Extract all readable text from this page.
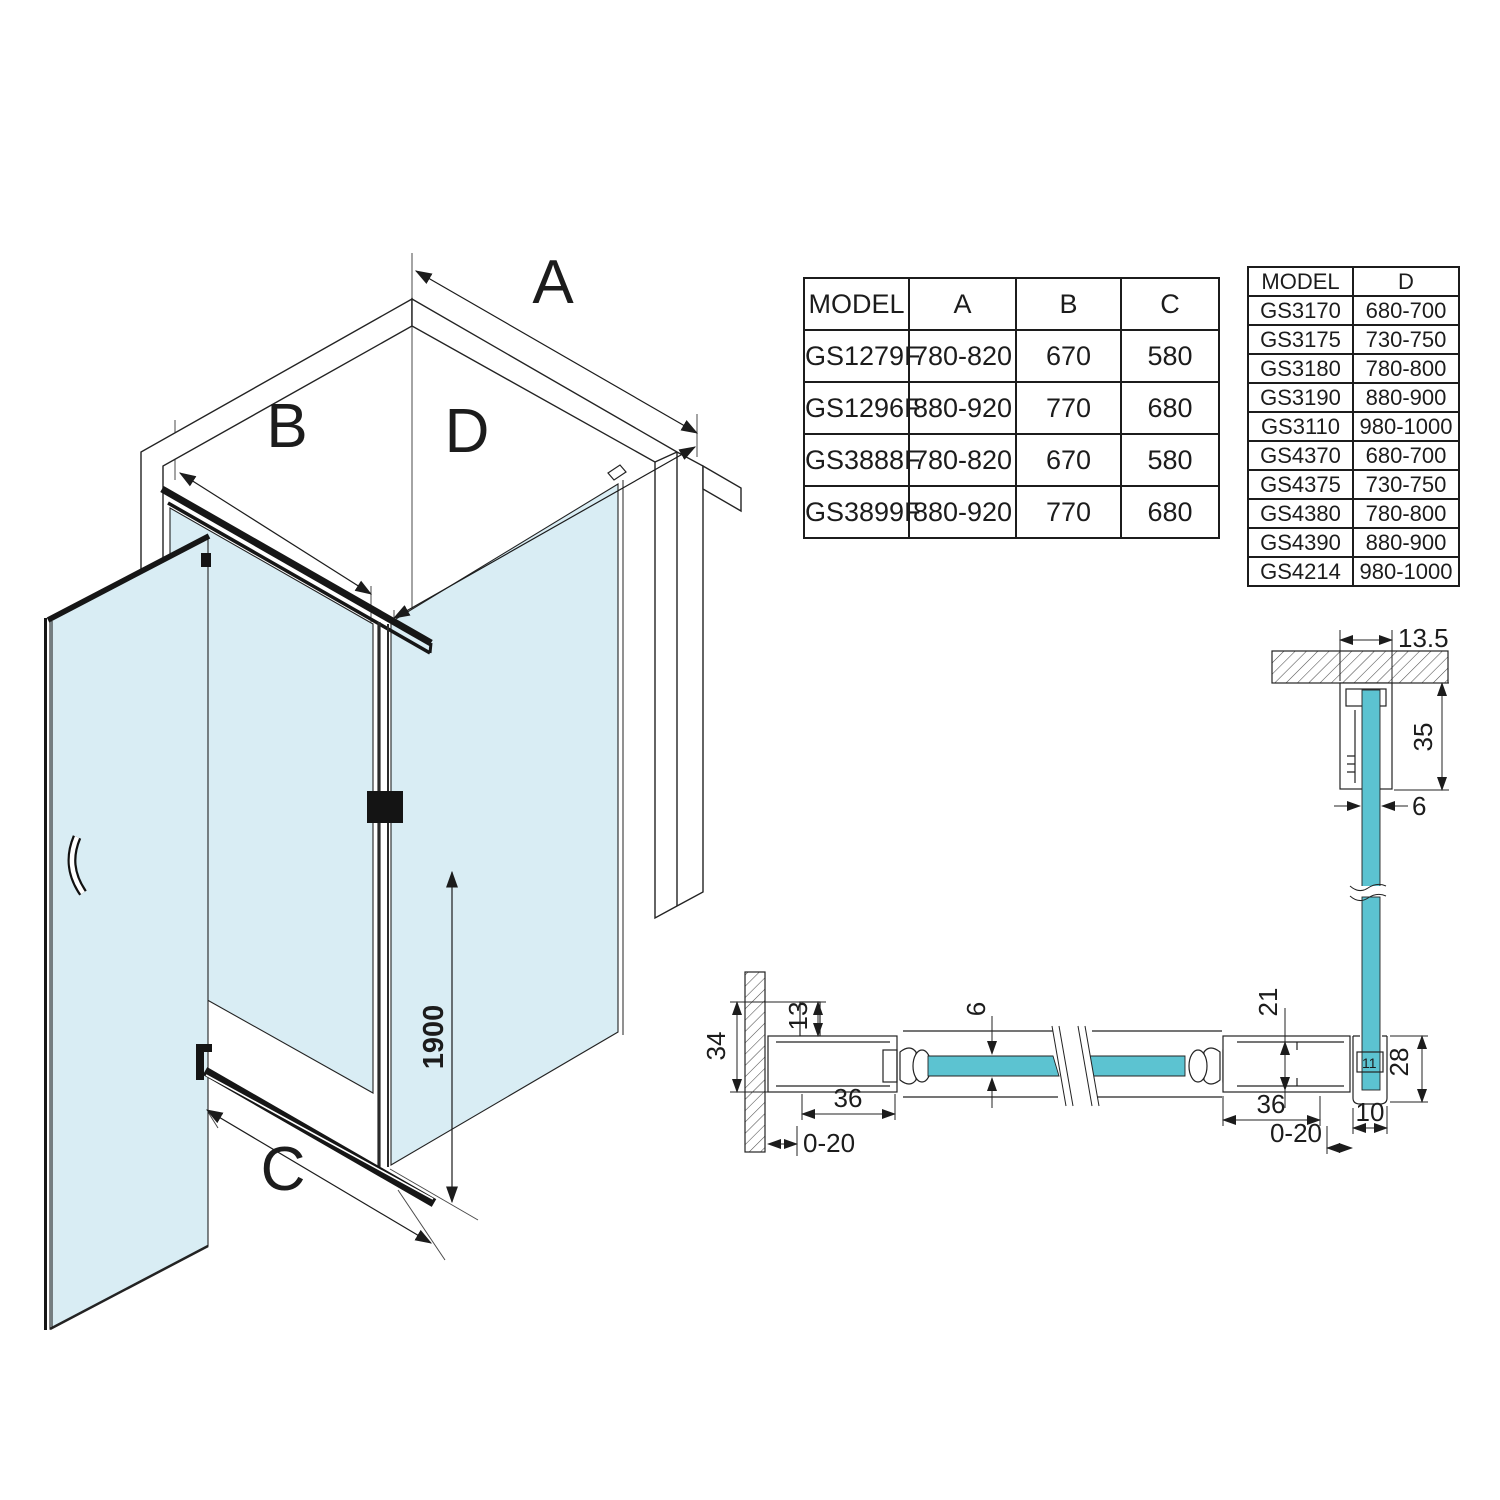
A
B D
C
1900
13.5
35
6
34
13	6
36
0-20
21
11 28
10
36
0-20
MODEL	A	B	C
GS1279F	780-820	670	580
GS1296F	880-920	770	680
GS3888F	780-820	670	580
GS3899F	880-920	770	680
MODEL	D
GS3170	680-700
GS3175	730-750
GS3180	780-800
GS3190	880-900
GS3110	980-1000
GS4370	680-700
GS4375	730-750
GS4380	780-800
GS4390	880-900
GS4214	980-1000
